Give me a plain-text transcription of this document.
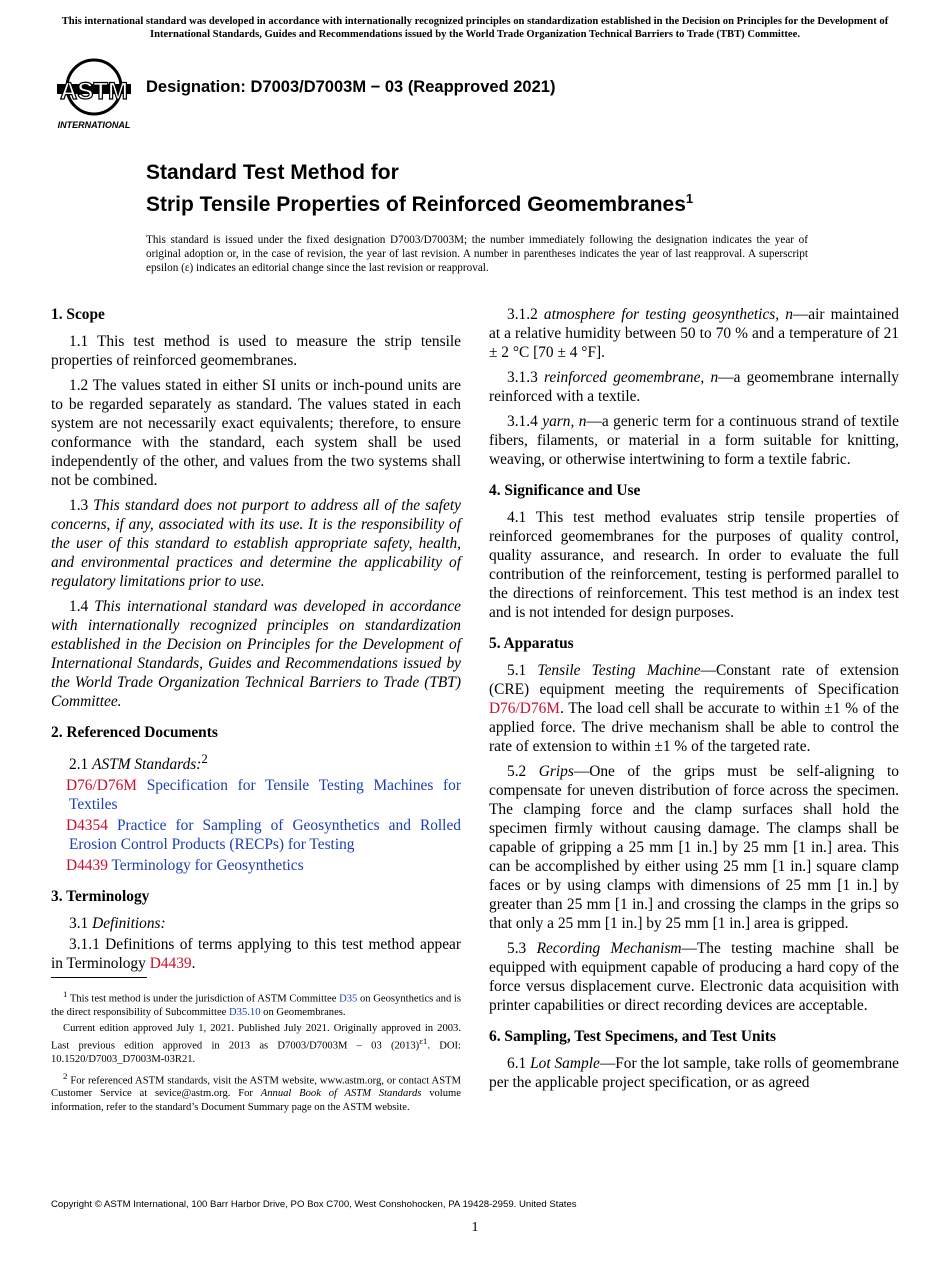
This international standard was developed in accordance with internationally recognized principles on standardization established in the Decision on Principles for the Development of International Standards, Guides and Recommendations issued by the World Trade Organization Technical Barriers to Trade (TBT) Committee.
ASTM
INTERNATIONAL
Designation: D7003/D7003M − 03 (Reapproved 2021)
Standard Test Method for
Strip Tensile Properties of Reinforced Geomembranes$^1$
This standard is issued under the fixed designation D7003/D7003M; the number immediately following the designation indicates the year of original adoption or, in the case of revision, the year of last revision. A number in parentheses indicates the year of last reapproval. A superscript epsilon (ε) indicates an editorial change since the last revision or reapproval.
1. Scope

1.1 This test method is used to measure the strip tensile properties of reinforced geomembranes.

1.2 The values stated in either SI units or inch-pound units are to be regarded separately as standard. The values stated in each system are not necessarily exact equivalents; therefore, to ensure conformance with the standard, each system shall be used independently of the other, and values from the two systems shall not be combined.

1.3 This standard does not purport to address all of the safety concerns, if any, associated with its use. It is the responsibility of the user of this standard to establish appropriate safety, health, and environmental practices and determine the applicability of regulatory limitations prior to use.

1.4 This international standard was developed in accordance with internationally recognized principles on standardization established in the Decision on Principles for the Development of International Standards, Guides and Recommendations issued by the World Trade Organization Technical Barriers to Trade (TBT) Committee.

2. Referenced Documents

2.1 ASTM Standards:$^2$

D76/D76M Specification for Tensile Testing Machines for Textiles
D4354 Practice for Sampling of Geosynthetics and Rolled Erosion Control Products (RECPs) for Testing
D4439 Terminology for Geosynthetics
3. Terminology

3.1 Definitions:

3.1.1 Definitions of terms applying to this test method appear in Terminology D4439.

3.1.2 atmosphere for testing geosynthetics, n—air maintained at a relative humidity between 50 to 70 % and a temperature of 21 ± 2 °C [70 ± 4 °F].

3.1.3 reinforced geomembrane, n—a geomembrane internally reinforced with a textile.

3.1.4 yarn, n—a generic term for a continuous strand of textile fibers, filaments, or material in a form suitable for knitting, weaving, or otherwise intertwining to form a textile fabric.

4. Significance and Use

4.1 This test method evaluates strip tensile properties of reinforced geomembranes for the purposes of quality control, quality assurance, and research. In order to evaluate the full contribution of the reinforcement, testing is performed parallel to the directions of reinforcement. This test method is an index test and is not intended for design purposes.

5. Apparatus

5.1 Tensile Testing Machine—Constant rate of extension (CRE) equipment meeting the requirements of Specification D76/D76M. The load cell shall be accurate to within ±1 % of the applied force. The drive mechanism shall be able to control the rate of extension to within ±1 % of the targeted rate.

5.2 Grips—One of the grips must be self-aligning to compensate for uneven distribution of force across the specimen. The clamping force and the clamp surfaces shall hold the specimen firmly without causing damage. The clamps shall be capable of gripping a 25 mm [1 in.] by 25 mm [1 in.] area. This can be accomplished by either using 25 mm [1 in.] square clamp faces or by using clamps with dimensions of 25 mm [1 in.] by greater than 25 mm [1 in.] and crossing the clamps in the grips so that only a 25 mm [1 in.] by 25 mm [1 in.] area is gripped.

5.3 Recording Mechanism—The testing machine shall be equipped with equipment capable of producing a hard copy of the force versus displacement curve. Electronic data acquisition with printer capabilities or direct recording devices are acceptable.

6. Sampling, Test Specimens, and Test Units

6.1 Lot Sample—For the lot sample, take rolls of geomembrane per the applicable project specification, or as agreed

$^1$ This test method is under the jurisdiction of ASTM Committee D35 on Geosynthetics and is the direct responsibility of Subcommittee D35.10 on Geomembranes.

Current edition approved July 1, 2021. Published July 2021. Originally approved in 2003. Last previous edition approved in 2013 as D7003/D7003M – 03 $(2013)^{\varepsilon 1}$. DOI: 10.1520/D7003_D7003M-03R21.

$^2$ For referenced ASTM standards, visit the ASTM website, www.astm.org, or contact ASTM Customer Service at sevice@astm.org. For Annual Book of ASTM Standards volume information, refer to the standard’s Document Summary page on the ASTM website.

Copyright © ASTM International, 100 Barr Harbor Drive, PO Box C700, West Conshohocken, PA 19428-2959. United States
1
